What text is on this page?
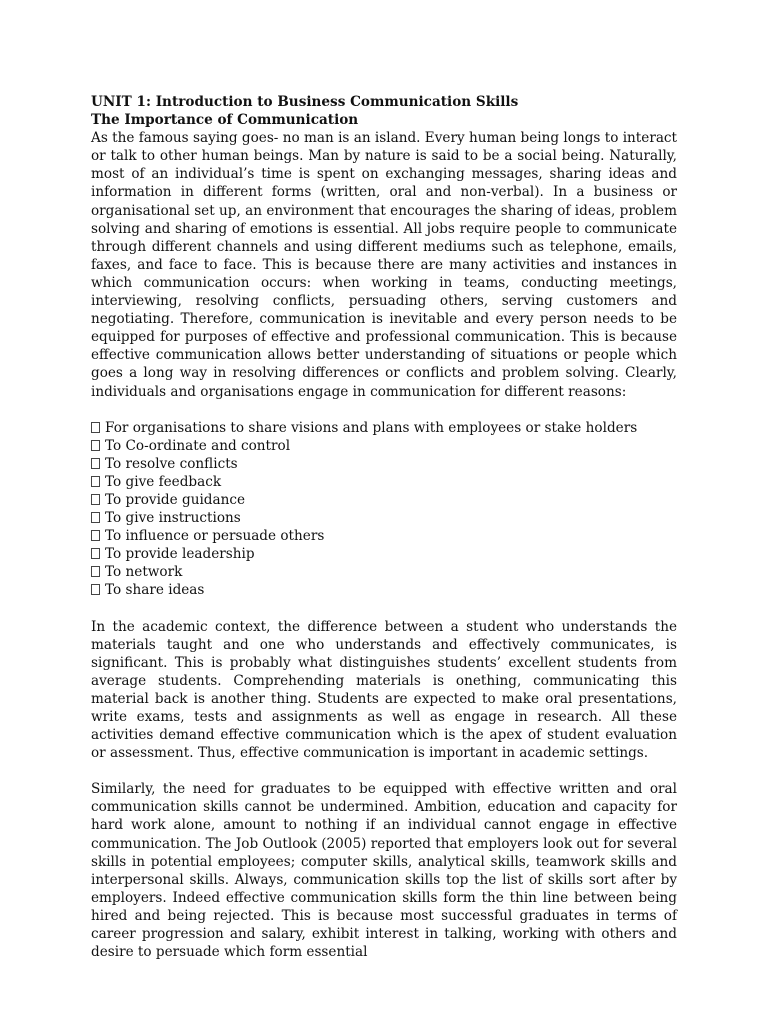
UNIT 1: Introduction to Business Communication Skills

The Importance of Communication

As the famous saying goes- no man is an island. Every human being longs to interact or talk to other human beings. Man by nature is said to be a social being. Naturally, most of an individual’s time is spent on exchanging messages, sharing ideas and information in different forms (written, oral and non-verbal). In a business or organisational set up, an environment that encourages the sharing of ideas, problem solving and sharing of emotions is essential. All jobs require people to communicate through different channels and using different mediums such as telephone, emails, faxes, and face to face. This is because there are many activities and instances in which communication occurs: when working in teams, conducting meetings, interviewing, resolving conflicts, persuading others, serving customers and negotiating. Therefore, communication is inevitable and every person needs to be equipped for purposes of effective and professional communication. This is because effective communication allows better understanding of situations or people which goes a long way in resolving differences or conflicts and problem solving. Clearly, individuals and organisations engage in communication for different reasons:

For organisations to share visions and plans with employees or stake holders
To Co-ordinate and control
To resolve conflicts
To give feedback
To provide guidance
To give instructions
To influence or persuade others
To provide leadership
To network
To share ideas

In the academic context, the difference between a student who understands the materials taught and one who understands and effectively communicates, is significant. This is probably what distinguishes students’ excellent students from average students. Comprehending materials is onething, communicating this material back is another thing. Students are expected to make oral presentations, write exams, tests and assignments as well as engage in research. All these activities demand effective communication which is the apex of student evaluation or assessment. Thus, effective communication is important in academic settings.

Similarly, the need for graduates to be equipped with effective written and oral communication skills cannot be undermined. Ambition, education and capacity for hard work alone, amount to nothing if an individual cannot engage in effective communication. The Job Outlook (2005) reported that employers look out for several skills in potential employees; computer skills, analytical skills, teamwork skills and interpersonal skills. Always, communication skills top the list of skills sort after by employers. Indeed effective communication skills form the thin line between being hired and being rejected. This is because most successful graduates in terms of career progression and salary, exhibit interest in talking, working with others and desire to persuade which form essential
